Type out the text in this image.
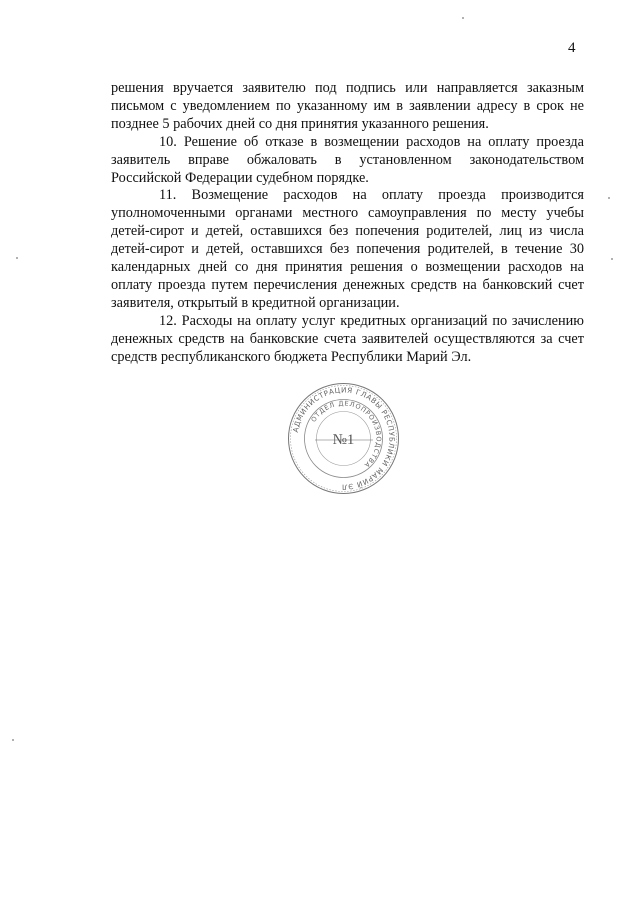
4

решения вручается заявителю под подпись или направляется заказным письмом с уведомлением по указанному им в заявлении адресу в срок не позднее 5 рабочих дней со дня принятия указанного решения.

10. Решение об отказе в возмещении расходов на оплату проезда заявитель вправе обжаловать в установленном законодательством Российской Федерации судебном порядке.

11. Возмещение расходов на оплату проезда производится уполномоченными органами местного самоуправления по месту учебы детей-сирот и детей, оставшихся без попечения родителей, лиц из числа детей-сирот и детей, оставшихся без попечения родителей, в течение 30 календарных дней со дня принятия решения о возмещении расходов на оплату проезда путем перечисления денежных средств на банковский счет заявителя, открытый в кредитной организации.

12. Расходы на оплату услуг кредитных организаций по зачислению денежных средств на банковские счета заявителей осуществляются за счет средств республиканского бюджета Республики Марий Эл.

АДМИНИСТРАЦИЯ ГЛАВЫ РЕСПУБЛИКИ МАРИЙ ЭЛ
ОТДЕЛ ДЕЛОПРОИЗВОДСТВА
№1
